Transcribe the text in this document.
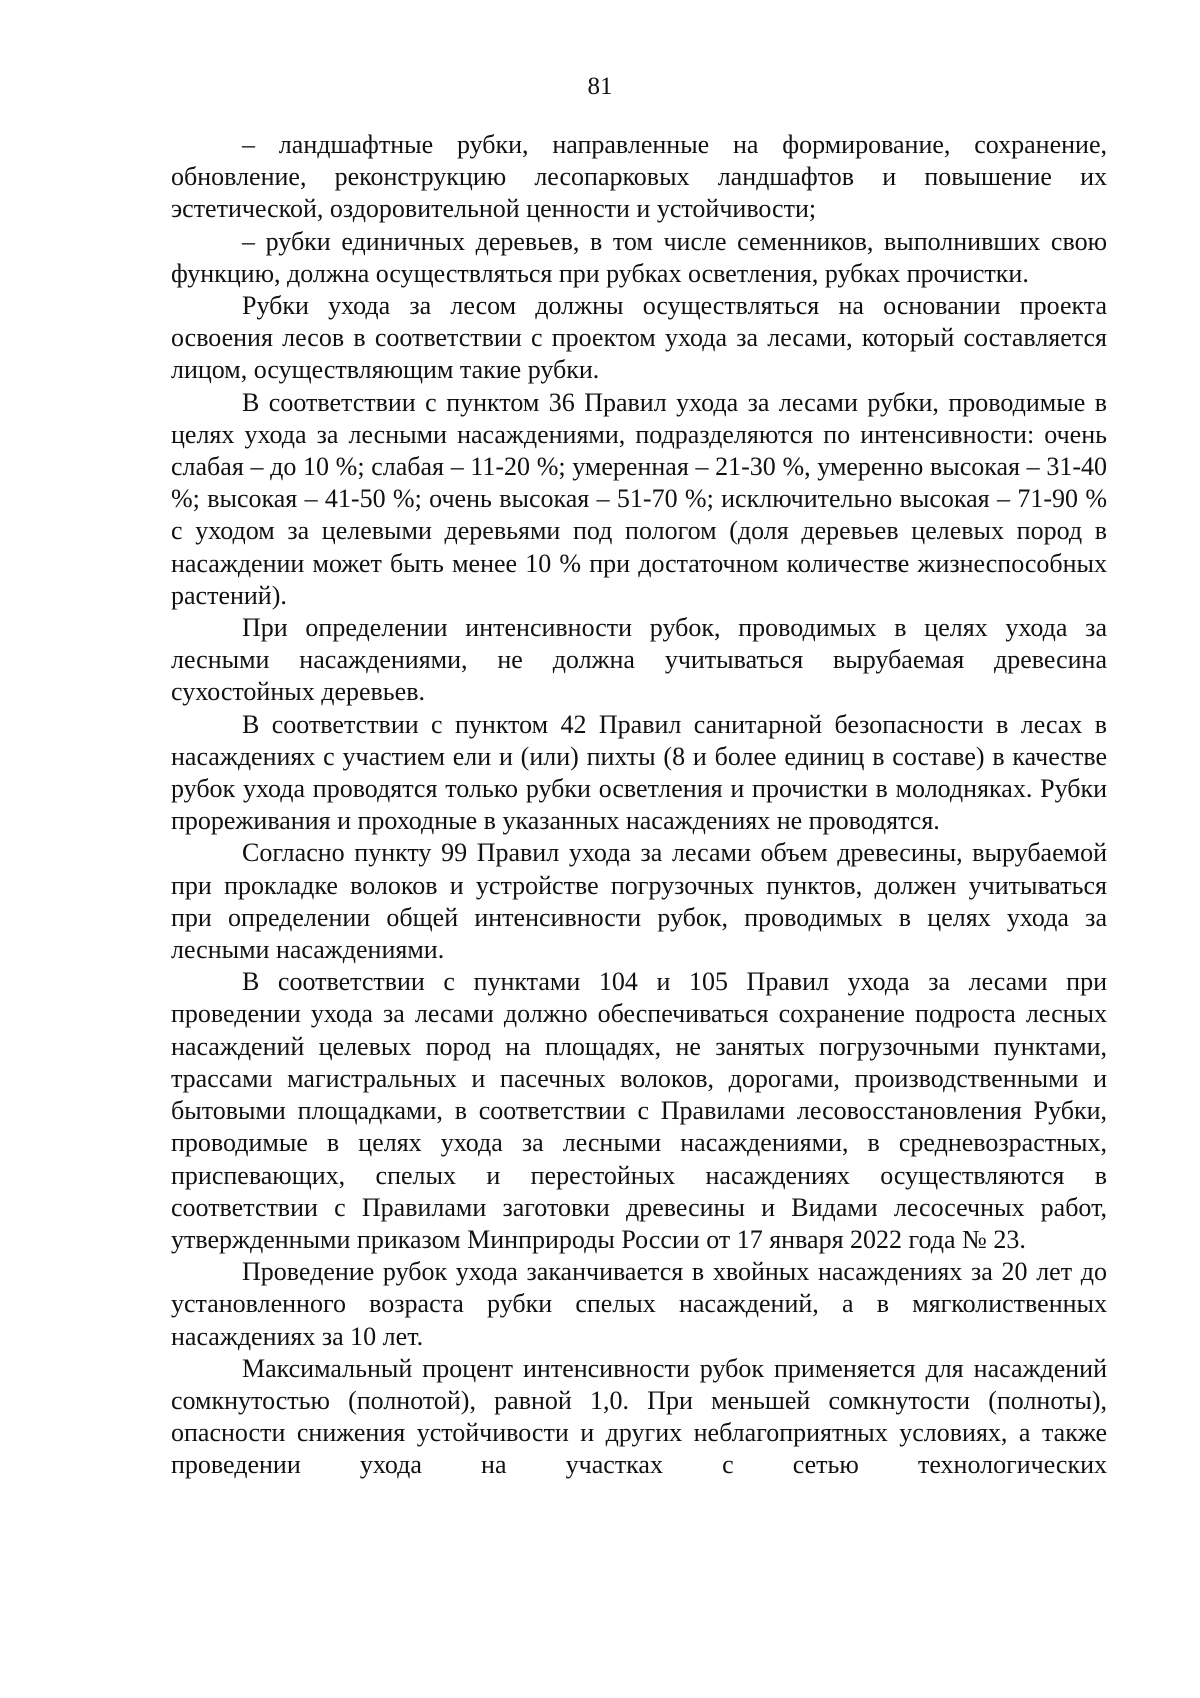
81

– ландшафтные рубки, направленные на формирование, сохранение, обновление, реконструкцию лесопарковых ландшафтов и повышение их эстетической, оздоровительной ценности и устойчивости;

– рубки единичных деревьев, в том числе семенников, выполнивших свою функцию, должна осуществляться при рубках осветления, рубках прочистки.

Рубки ухода за лесом должны осуществляться на основании проекта освоения лесов в соответствии с проектом ухода за лесами, который составляется лицом, осуществляющим такие рубки.

В соответствии с пунктом 36 Правил ухода за лесами рубки, проводимые в целях ухода за лесными насаждениями, подразделяются по интенсивности: очень слабая – до 10 %; слабая – 11-20 %; умеренная – 21-30 %, умеренно высокая – 31-40 %; высокая – 41-50 %; очень высокая – 51-70 %; исключительно высокая – 71-90 % с уходом за целевыми деревьями под пологом (доля деревьев целевых пород в насаждении может быть менее 10 % при достаточном количестве жизнеспособных растений).

При определении интенсивности рубок, проводимых в целях ухода за лесными насаждениями, не должна учитываться вырубаемая древесина сухостойных деревьев.

В соответствии с пунктом 42 Правил санитарной безопасности в лесах в насаждениях с участием ели и (или) пихты (8 и более единиц в составе) в качестве рубок ухода проводятся только рубки осветления и прочистки в молодняках. Рубки прореживания и проходные в указанных насаждениях не проводятся.

Согласно пункту 99 Правил ухода за лесами объем древесины, вырубаемой при прокладке волоков и устройстве погрузочных пунктов, должен учитываться при определении общей интенсивности рубок, проводимых в целях ухода за лесными насаждениями.

В соответствии с пунктами 104 и 105 Правил ухода за лесами при проведении ухода за лесами должно обеспечиваться сохранение подроста лесных насаждений целевых пород на площадях, не занятых погрузочными пунктами, трассами магистральных и пасечных волоков, дорогами, производственными и бытовыми площадками, в соответствии с Правилами лесовосстановления Рубки, проводимые в целях ухода за лесными насаждениями, в средневозрастных, приспевающих, спелых и перестойных насаждениях осуществляются в соответствии с Правилами заготовки древесины и Видами лесосечных работ, утвержденными приказом Минприроды России от 17 января 2022 года № 23.

Проведение рубок ухода заканчивается в хвойных насаждениях за 20 лет до установленного возраста рубки спелых насаждений, а в мягколиственных насаждениях за 10 лет.

Максимальный процент интенсивности рубок применяется для насаждений сомкнутостью (полнотой), равной 1,0. При меньшей сомкнутости (полноты), опасности снижения устойчивости и других неблагоприятных условиях, а также проведении ухода на участках с сетью технологических
